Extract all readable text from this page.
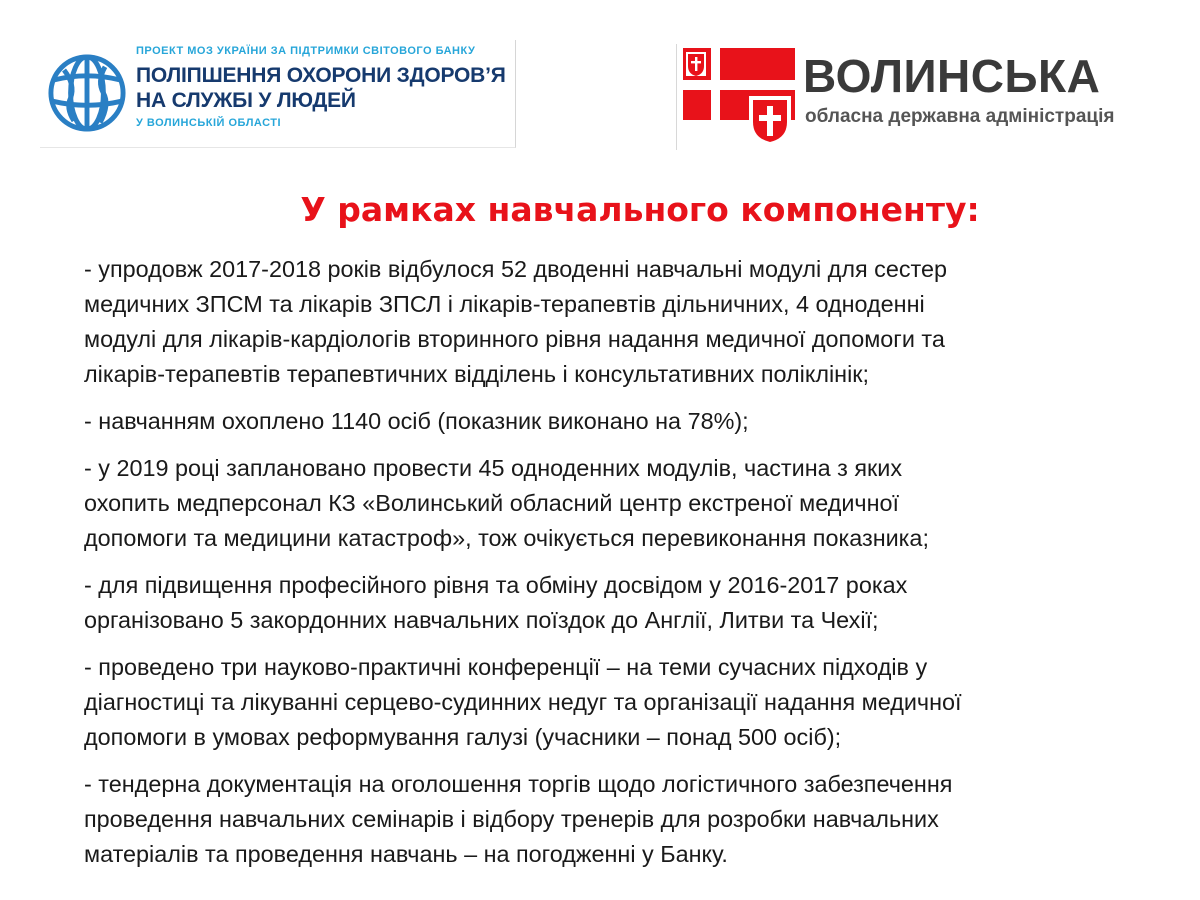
ПРОЕКТ МОЗ УКРАЇНИ ЗА ПІДТРИМКИ СВІТОВОГО БАНКУ
ПОЛІПШЕННЯ ОХОРОНИ ЗДОРОВ’Я
НА СЛУЖБІ У ЛЮДЕЙ
У ВОЛИНСЬКІЙ ОБЛАСТІ
ВОЛИНСЬКА
обласна державна адміністрація
У рамках навчального компоненту:
- упродовж 2017-2018 років відбулося 52 дводенні навчальні модулі для сестер
медичних ЗПСМ та лікарів ЗПСЛ і лікарів-терапевтів дільничних, 4 одноденні
модулі для лікарів-кардіологів вторинного рівня надання медичної допомоги та
лікарів-терапевтів терапевтичних відділень і консультативних поліклінік;
- навчанням охоплено 1140 осіб (показник виконано на 78%);
- у 2019 році заплановано провести 45 одноденних модулів, частина з яких
охопить медперсонал КЗ «Волинський обласний центр екстреної медичної
допомоги та медицини катастроф», тож очікується перевиконання показника;
- для підвищення професійного рівня та обміну досвідом у 2016-2017 роках
організовано 5 закордонних навчальних поїздок до Англії, Литви та Чехії;
- проведено три науково-практичні конференції – на теми сучасних підходів у
діагностиці та лікуванні серцево-судинних недуг та організації надання медичної
допомоги в умовах реформування галузі (учасники – понад 500 осіб);
- тендерна документація на оголошення торгів щодо логістичного забезпечення
проведення навчальних семінарів і відбору тренерів для розробки навчальних
матеріалів та проведення навчань – на погодженні у Банку.
